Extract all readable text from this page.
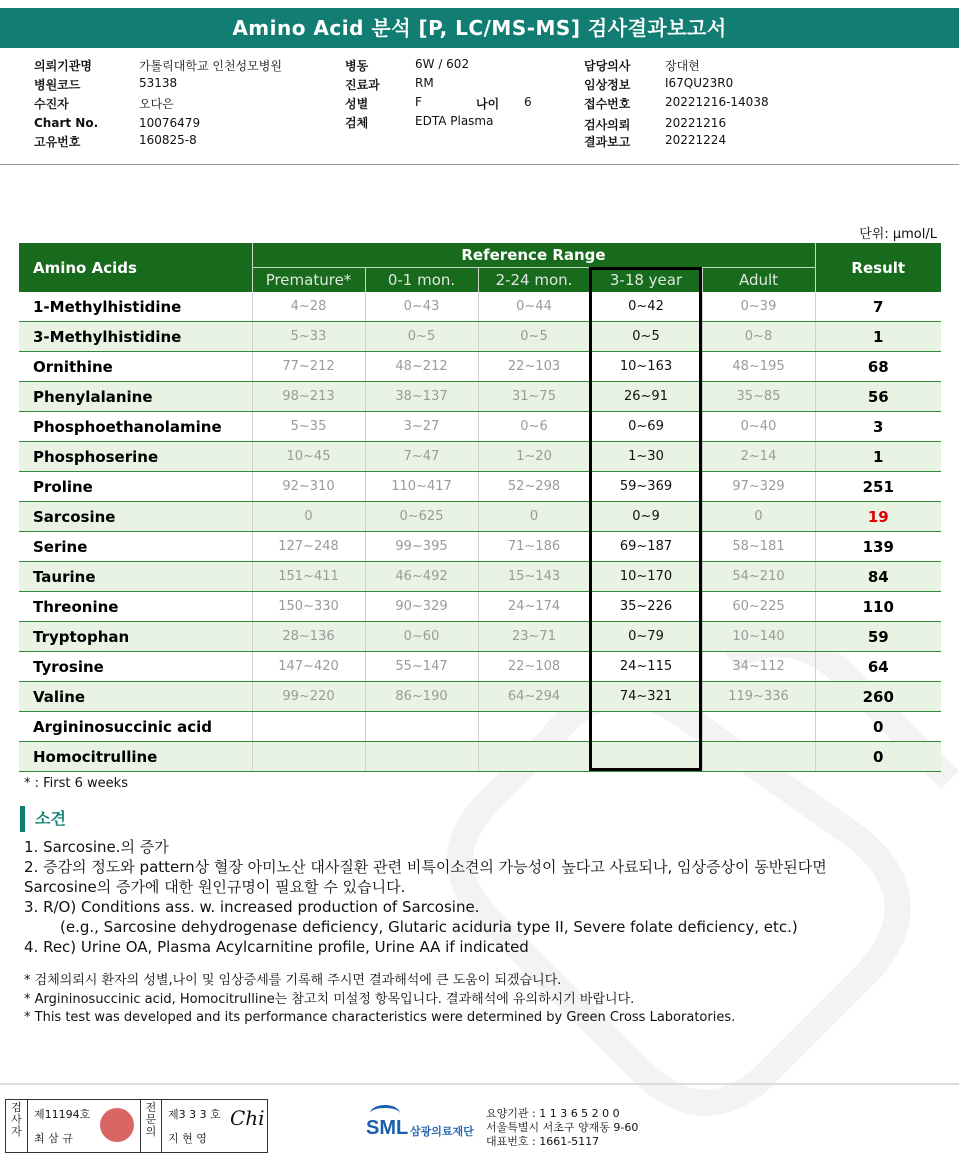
Amino Acid 분석 [P, LC/MS-MS] 검사결과보고서
의뢰기관명	가톨릭대학교 인천성모병원
병원코드	53138
수진자	오다은
Chart No.	10076479
고유번호	160825-8
병동	6W / 602
진료과	RM
성별	F	나이 6
검체	EDTA Plasma
담당의사	장대현
임상정보	I67QU23R0
접수번호	20221216-14038
검사의뢰	20221216
결과보고	20221224
단위: μmol/L
Amino Acids	Reference Range					Result
	Premature*	0-1 mon.	2-24 mon.	3-18 year	Adult	
1-Methylhistidine	4~28	0~43	0~44	0~42	0~39	7
3-Methylhistidine	5~33	0~5	0~5	0~5	0~8	1
Ornithine	77~212	48~212	22~103	10~163	48~195	68
Phenylalanine	98~213	38~137	31~75	26~91	35~85	56
Phosphoethanolamine	5~35	3~27	0~6	0~69	0~40	3
Phosphoserine	10~45	7~47	1~20	1~30	2~14	1
Proline	92~310	110~417	52~298	59~369	97~329	251
Sarcosine	0	0~625	0	0~9	0	19
Serine	127~248	99~395	71~186	69~187	58~181	139
Taurine	151~411	46~492	15~143	10~170	54~210	84
Threonine	150~330	90~329	24~174	35~226	60~225	110
Tryptophan	28~136	0~60	23~71	0~79	10~140	59
Tyrosine	147~420	55~147	22~108	24~115	34~112	64
Valine	99~220	86~190	64~294	74~321	119~336	260
Argininosuccinic acid						0
Homocitrulline						0
* : First 6 weeks
소견
1. Sarcosine.의 증가
2. 증감의 정도와 pattern상 혈장 아미노산 대사질환 관련 비특이소견의 가능성이 높다고 사료되나, 임상증상이 동반된다면
Sarcosine의 증가에 대한 원인규명이 필요할 수 있습니다.
3. R/O) Conditions ass. w. increased production of Sarcosine.
(e.g., Sarcosine dehydrogenase deficiency, Glutaric aciduria type II, Severe folate deficiency, etc.)
4. Rec) Urine OA, Plasma Acylcarnitine profile, Urine AA if indicated
* 검체의뢰시 환자의 성별,나이 및 임상증세를 기록해 주시면 결과해석에 큰 도움이 되겠습니다.
* Argininosuccinic acid, Homocitrulline는 참고치 미설정 항목입니다. 결과해석에 유의하시기 바랍니다.
* This test was developed and its performance characteristics were determined by Green Cross Laboratories.
검사자
제11194호
최 삼 규
전문의
제3 3 3 호
지 현 영
Chi	SML 삼광의료재단
요양기관 : 1 1 3 6 5 2 0 0
서울특별시 서초구 양재동 9-60
대표번호 : 1661-5117
